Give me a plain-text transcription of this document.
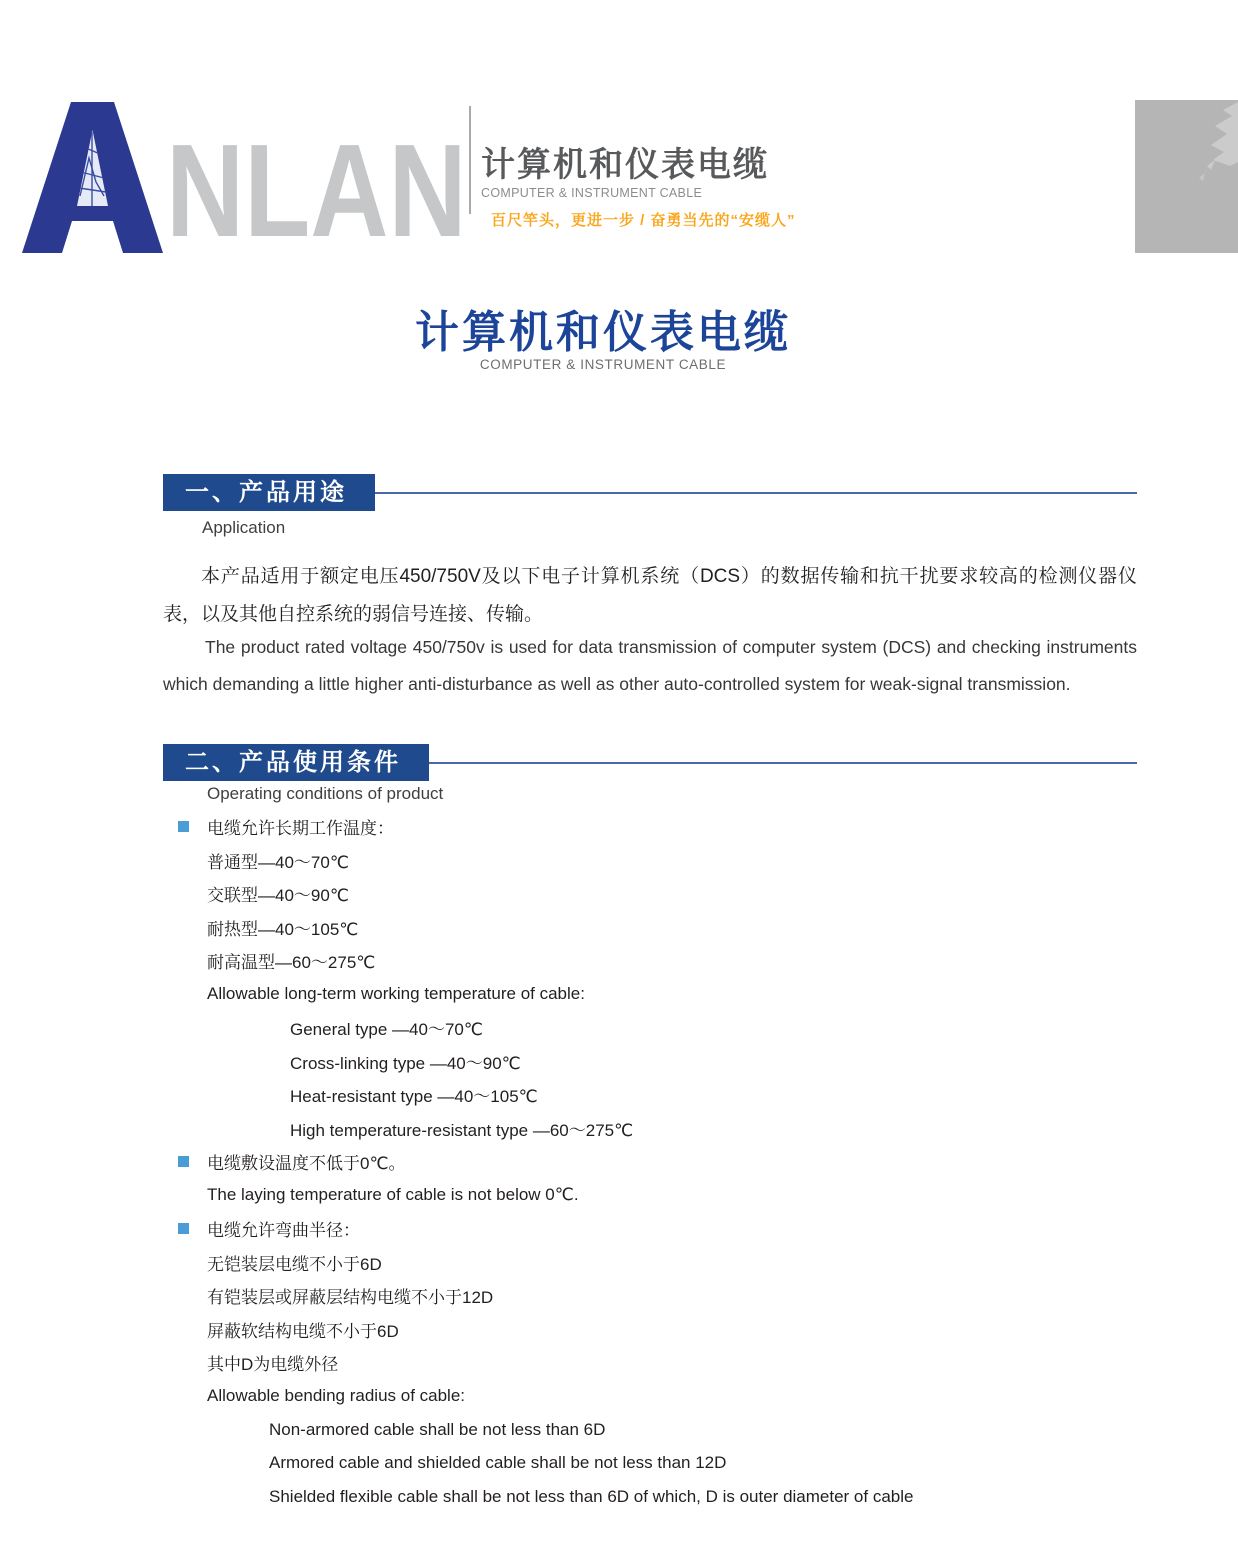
NLAN 计算机和仪表电缆
COMPUTER & INSTRUMENT CABLE
百尺竿头，更进一步 / 奋勇当先的“安缆人”
计算机和仪表电缆
COMPUTER & INSTRUMENT CABLE
一、产品用途
Application
本产品适用于额定电压450/750V及以下电子计算机系统（DCS）的数据传输和抗干扰要求较高的检测仪器仪表，以及其他自控系统的弱信号连接、传输。
The product rated voltage 450/750v is used for data transmission of computer system (DCS) and checking instruments which demanding a little higher anti-disturbance as well as other auto-controlled system for weak-signal transmission.
二、产品使用条件
Operating conditions of product
电缆允许长期工作温度：
普通型—40～70℃
交联型—40～90℃
耐热型—40～105℃
耐高温型—60～275℃
Allowable long-term working temperature of cable:
General type —40～70℃
Cross-linking type —40～90℃
Heat-resistant type —40～105℃
High temperature-resistant type —60～275℃
电缆敷设温度不低于0℃。
The laying temperature of cable is not below 0℃.
电缆允许弯曲半径：
无铠装层电缆不小于6D
有铠装层或屏蔽层结构电缆不小于12D
屏蔽软结构电缆不小于6D
其中D为电缆外径
Allowable bending radius of cable:
Non-armored cable shall be not less than 6D
Armored cable and shielded cable shall be not less than 12D
Shielded flexible cable shall be not less than 6D of which, D is outer diameter of cable
